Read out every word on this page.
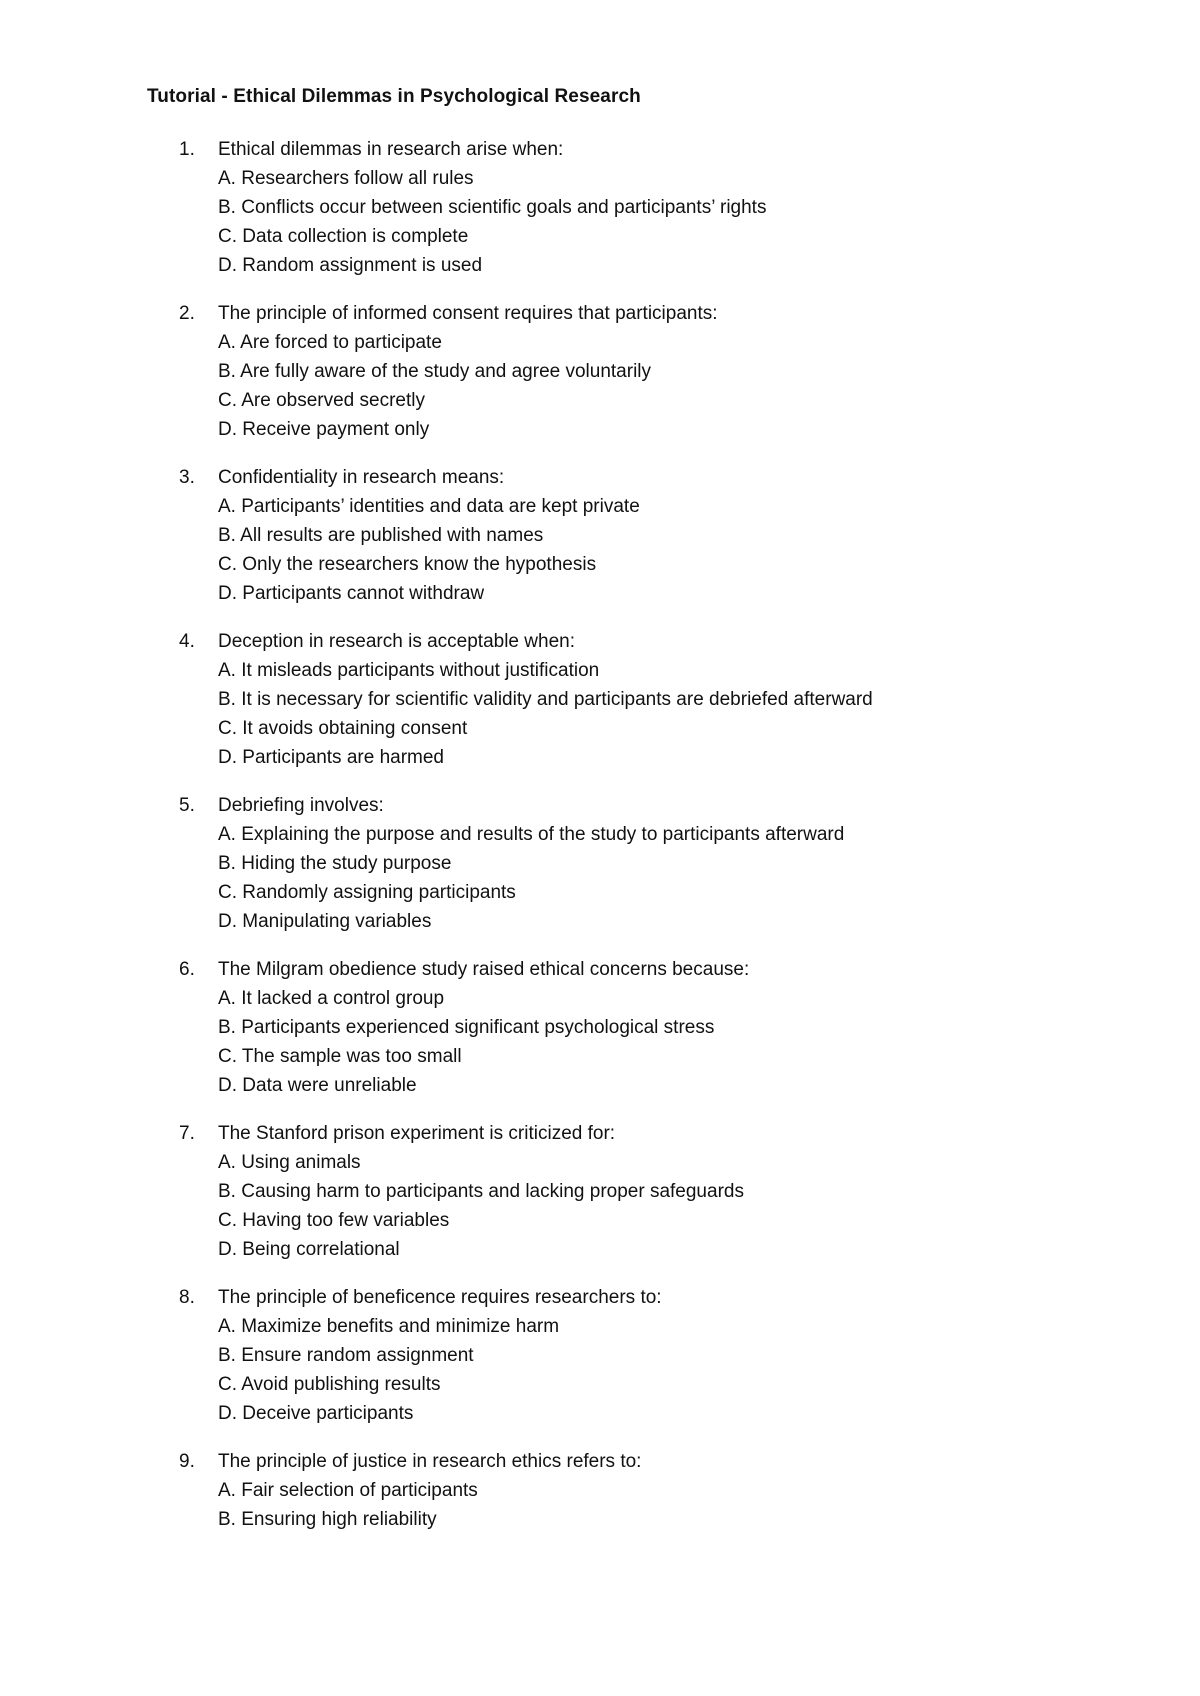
Tutorial - Ethical Dilemmas in Psychological Research
1. Ethical dilemmas in research arise when:
A. Researchers follow all rules
B. Conflicts occur between scientific goals and participants’ rights
C. Data collection is complete
D. Random assignment is used
2. The principle of informed consent requires that participants:
A. Are forced to participate
B. Are fully aware of the study and agree voluntarily
C. Are observed secretly
D. Receive payment only
3. Confidentiality in research means:
A. Participants’ identities and data are kept private
B. All results are published with names
C. Only the researchers know the hypothesis
D. Participants cannot withdraw
4. Deception in research is acceptable when:
A. It misleads participants without justification
B. It is necessary for scientific validity and participants are debriefed afterward
C. It avoids obtaining consent
D. Participants are harmed
5. Debriefing involves:
A. Explaining the purpose and results of the study to participants afterward
B. Hiding the study purpose
C. Randomly assigning participants
D. Manipulating variables
6. The Milgram obedience study raised ethical concerns because:
A. It lacked a control group
B. Participants experienced significant psychological stress
C. The sample was too small
D. Data were unreliable
7. The Stanford prison experiment is criticized for:
A. Using animals
B. Causing harm to participants and lacking proper safeguards
C. Having too few variables
D. Being correlational
8. The principle of beneficence requires researchers to:
A. Maximize benefits and minimize harm
B. Ensure random assignment
C. Avoid publishing results
D. Deceive participants
9. The principle of justice in research ethics refers to:
A. Fair selection of participants
B. Ensuring high reliability
